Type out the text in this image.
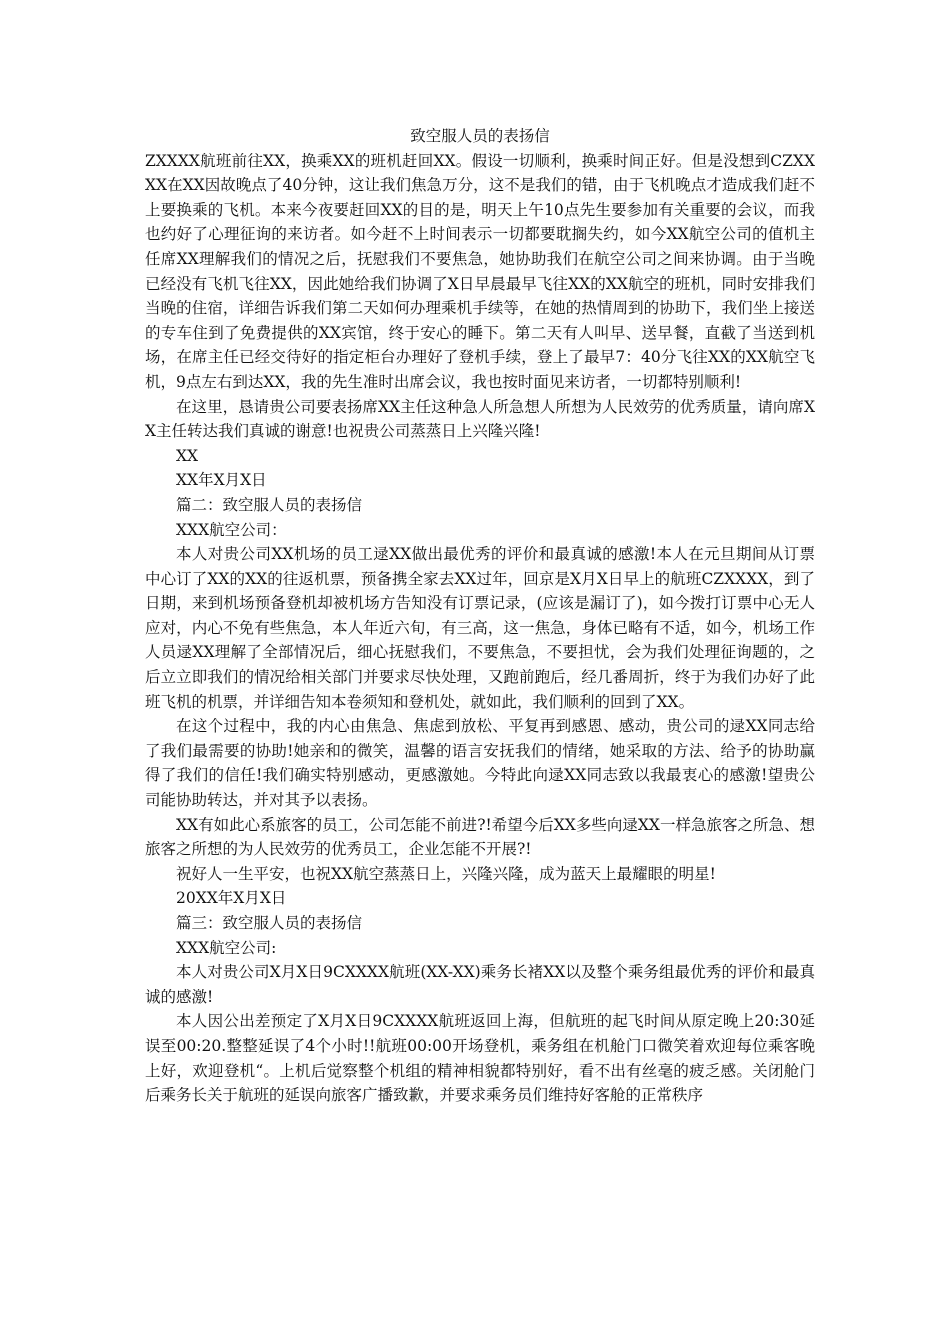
致空服人员的表扬信

ZXXXX航班前往XX，换乘XX的班机赶回XX。假设一切顺利，换乘时间正好。但是没想到CZXXXX在XX因故晚点了40分钟，这让我们焦急万分，这不是我们的错，由于飞机晚点才造成我们赶不上要换乘的飞机。本来今夜要赶回XX的目的是，明天上午10点先生要参加有关重要的会议，而我也约好了心理征询的来访者。如今赶不上时间表示一切都要耽搁失约，如今XX航空公司的值机主任席XX理解我们的情况之后，抚慰我们不要焦急，她协助我们在航空公司之间来协调。由于当晚已经没有飞机飞往XX，因此她给我们协调了X日早晨最早飞往XX的XX航空的班机，同时安排我们当晚的住宿，详细告诉我们第二天如何办理乘机手续等，在她的热情周到的协助下，我们坐上接送的专车住到了免费提供的XX宾馆，终于安心的睡下。第二天有人叫早、送早餐，直截了当送到机场，在席主任已经交待好的指定柜台办理好了登机手续，登上了最早7：40分飞往XX的XX航空飞机，9点左右到达XX，我的先生准时出席会议，我也按时面见来访者，一切都特别顺利!

在这里，恳请贵公司要表扬席XX主任这种急人所急想人所想为人民效劳的优秀质量，请向席XX主任转达我们真诚的谢意!也祝贵公司蒸蒸日上兴隆兴隆!

XX

XX年X月X日

篇二：致空服人员的表扬信

XXX航空公司：

本人对贵公司XX机场的员工逯XX做出最优秀的评价和最真诚的感激!本人在元旦期间从订票中心订了XX的XX的往返机票，预备携全家去XX过年，回京是X月X日早上的航班CZXXXX，到了日期，来到机场预备登机却被机场方告知没有订票记录，(应该是漏订了)，如今拨打订票中心无人应对，内心不免有些焦急，本人年近六旬，有三高，这一焦急，身体已略有不适，如今，机场工作人员逯XX理解了全部情况后，细心抚慰我们，不要焦急，不要担忧，会为我们处理征询题的，之后立立即我们的情况给相关部门并要求尽快处理，又跑前跑后，经几番周折，终于为我们办好了此班飞机的机票，并详细告知本卷须知和登机处，就如此，我们顺利的回到了XX。

在这个过程中，我的内心由焦急、焦虑到放松、平复再到感恩、感动，贵公司的逯XX同志给了我们最需要的协助!她亲和的微笑，温馨的语言安抚我们的情绪，她采取的方法、给予的协助赢得了我们的信任!我们确实特别感动，更感激她。今特此向逯XX同志致以我最衷心的感激!望贵公司能协助转达，并对其予以表扬。

XX有如此心系旅客的员工，公司怎能不前进?!希望今后XX多些向逯XX一样急旅客之所急、想旅客之所想的为人民效劳的优秀员工，企业怎能不开展?!

祝好人一生平安，也祝XX航空蒸蒸日上，兴隆兴隆，成为蓝天上最耀眼的明星!

20XX年X月X日

篇三：致空服人员的表扬信

XXX航空公司:

本人对贵公司X月X日9CXXXX航班(XX-XX)乘务长褚XX以及整个乘务组最优秀的评价和最真诚的感激!

本人因公出差预定了X月X日9CXXXX航班返回上海，但航班的起飞时间从原定晚上20:30延误至00:20.整整延误了4个小时!!航班00:00开场登机，乘务组在机舱门口微笑着欢迎每位乘客晚上好，欢迎登机“。上机后觉察整个机组的精神相貌都特别好，看不出有丝毫的疲乏感。关闭舱门后乘务长关于航班的延误向旅客广播致歉，并要求乘务员们维持好客舱的正常秩序
